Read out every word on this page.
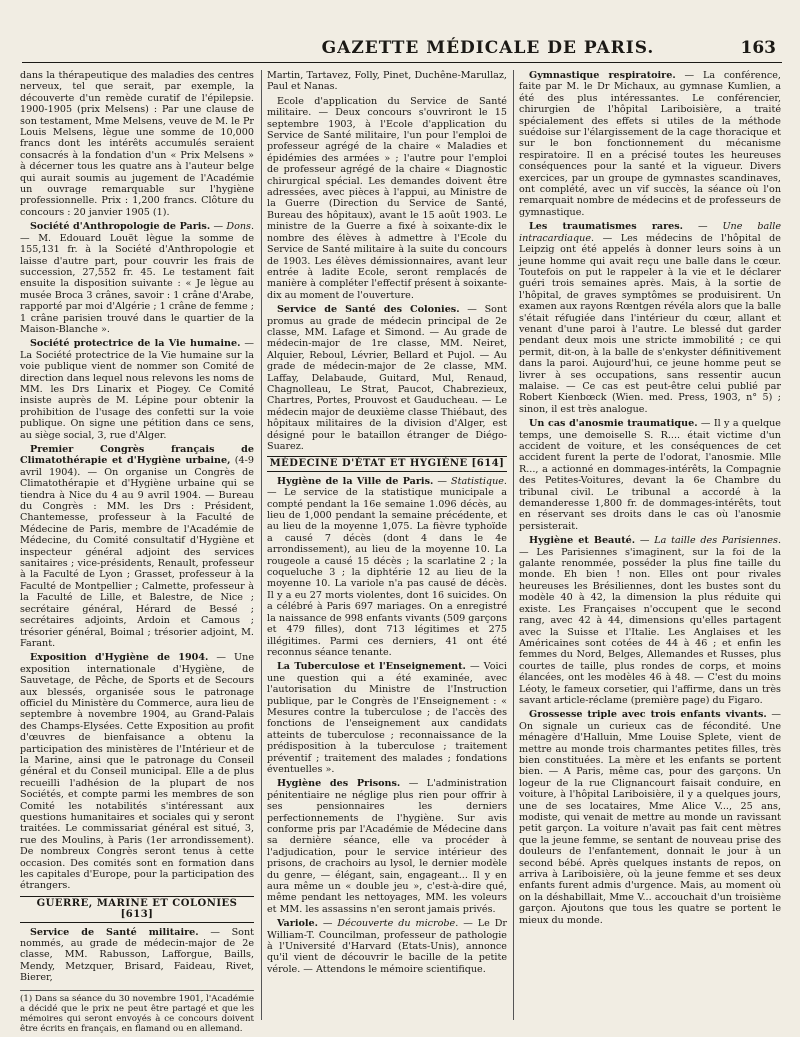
GAZETTE MÉDICALE DE PARIS.	163

dans la thérapeutique des maladies des centres nerveux, tel que serait, par exemple, la découverte d'un remède curatif de l'épilepsie. 1900-1905 (prix Melsens) : Par une clause de son testament, Mme Melsens, veuve de M. le Pr Louis Melsens, lègue une somme de 10,000 francs dont les intérêts accumulés seraient consacrés à la fondation d'un « Prix Melsens » à décerner tous les quatre ans à l'auteur belge qui aurait soumis au jugement de l'Académie un ouvrage remarquable sur l'hygiène professionnelle. Prix : 1,200 francs. Clôture du concours : 20 janvier 1905 (1).

Société d'Anthropologie de Paris. — Dons. — M. Edouard Louët lègue la somme de 155,131 fr. à la Société d'Anthropologie et laisse d'autre part, pour couvrir les frais de succession, 27,552 fr. 45. Le testament fait ensuite la disposition suivante : « Je lègue au musée Broca 3 crânes, savoir : 1 crâne d'Arabe, rapporté par moi d'Algérie ; 1 crâne de femme ; 1 crâne parisien trouvé dans le quartier de la Maison-Blanche ».

Société protectrice de la Vie humaine. — La Société protectrice de la Vie humaine sur la voie publique vient de nommer son Comité de direction dans lequel nous relevons les noms de MM. les Drs Linarix et Piogey. Ce Comité insiste auprès de M. Lépine pour obtenir la prohibition de l'usage des confetti sur la voie publique. On signe une pétition dans ce sens, au siège social, 3, rue d'Alger.

Premier Congrès français de Climatothérapie et d'Hygiène urbaine, (4-9 avril 1904). — On organise un Congrès de Climatothérapie et d'Hygiène urbaine qui se tiendra à Nice du 4 au 9 avril 1904. — Bureau du Congrès : MM. les Drs : Président, Chantemesse, professeur à la Faculté de Médecine de Paris, membre de l'Académie de Médecine, du Comité consultatif d'Hygiène et inspecteur général adjoint des services sanitaires ; vice-présidents, Renault, professeur à la Faculté de Lyon ; Grasset, professeur à la Faculté de Montpellier ; Calmette, professeur à la Faculté de Lille, et Balestre, de Nice ; secrétaire général, Hérard de Bessé ; secrétaires adjoints, Ardoin et Camous ; trésorier général, Boimal ; trésorier adjoint, M. Farant.

Exposition d'Hygiène de 1904. — Une exposition internationale d'Hygiène, de Sauvetage, de Pêche, de Sports et de Secours aux blessés, organisée sous le patronage officiel du Ministère du Commerce, aura lieu de septembre à novembre 1904, au Grand-Palais des Champs-Elysées. Cette Exposition au profit d'œuvres de bienfaisance a obtenu la participation des ministères de l'Intérieur et de la Marine, ainsi que le patronage du Conseil général et du Conseil municipal. Elle a de plus recueilli l'adhésion de la plupart de nos Sociétés, et compte parmi les membres de son Comité les notabilités s'intéressant aux questions humanitaires et sociales qui y seront traitées. Le commissariat général est situé, 3, rue des Moulins, à Paris (1er arrondissement). De nombreux Congrès seront tenus à cette occasion. Des comités sont en formation dans les capitales d'Europe, pour la participation des étrangers.

GUERRE, MARINE ET COLONIES [613]

Service de Santé militaire. — Sont nommés, au grade de médecin-major de 2e classe, MM. Rabusson, Lafforgue, Baills, Mendy, Metzquer, Brisard, Faideau, Rivet, Bierer,

(1) Dans sa séance du 30 novembre 1901, l'Académie a décidé que le prix ne peut être partagé et que les mémoires qui seront envoyés à ce concours doivent être écrits en français, en flamand ou en allemand.

Martin, Tartavez, Folly, Pinet, Duchêne-Marullaz, Paul et Nanas.

Ecole d'application du Service de Santé militaire. — Deux concours s'ouvriront le 15 septembre 1903, à l'Ecole d'application du Service de Santé militaire, l'un pour l'emploi de professeur agrégé de la chaire « Maladies et épidémies des armées » ; l'autre pour l'emploi de professeur agrégé de la chaire « Diagnostic chirurgical spécial. Les demandes doivent être adressées, avec pièces à l'appui, au Ministre de la Guerre (Direction du Service de Santé, Bureau des hôpitaux), avant le 15 août 1903. Le ministre de la Guerre a fixé à soixante-dix le nombre des élèves à admettre à l'Ecole du Service de Santé militaire à la suite du concours de 1903. Les élèves démissionnaires, avant leur entrée à ladite Ecole, seront remplacés de manière à compléter l'effectif présent à soixante-dix au moment de l'ouverture.

Service de Santé des Colonies. — Sont promus au grade de médecin principal de 2e classe, MM. Lafage et Simond. — Au grade de médecin-major de 1re classe, MM. Neiret, Alquier, Reboul, Lévrier, Bellard et Pujol. — Au grade de médecin-major de 2e classe, MM. Laffay, Delabaude, Guitard, Mul, Renaud, Chagnolleau, Le Strat, Paucot, Chabrezieux, Chartres, Portes, Prouvost et Gauducheau. — Le médecin major de deuxième classe Thiébaut, des hôpitaux militaires de la division d'Alger, est désigné pour le bataillon étranger de Diégo-Suarez.

MÉDECINE D'ÉTAT ET HYGIÈNE [614]

Hygiène de la Ville de Paris. — Statistique. — Le service de la statistique municipale a compté pendant la 16e semaine 1.096 décès, au lieu de 1,000 pendant la semaine précédente, et au lieu de la moyenne 1,075. La fièvre typhoïde a causé 7 décès (dont 4 dans le 4e arrondissement), au lieu de la moyenne 10. La rougeole a causé 15 décès ; la scarlatine 2 ; la coqueluche 3 ; la diphtérie 12 au lieu de la moyenne 10. La variole n'a pas causé de décès. Il y a eu 27 morts violentes, dont 16 suicides. On a célébré à Paris 697 mariages. On a enregistré la naissance de 998 enfants vivants (509 garçons et 479 filles), dont 713 légitimes et 275 illégitimes. Parmi ces derniers, 41 ont été reconnus séance tenante.

La Tuberculose et l'Enseignement. — Voici une question qui a été examinée, avec l'autorisation du Ministre de l'Instruction publique, par le Congrès de l'Enseignement : « Mesures contre la tuberculose ; de l'accès des fonctions de l'enseignement aux candidats atteints de tuberculose ; reconnaissance de la prédisposition à la tuberculose ; traitement préventif ; traitement des malades ; fondations éventuelles ».

Hygiène des Prisons. — L'administration pénitentiaire ne néglige plus rien pour offrir à ses pensionnaires les derniers perfectionnements de l'hygiène. Sur avis conforme pris par l'Académie de Médecine dans sa dernière séance, elle va procéder à l'adjudication, pour le service intérieur des prisons, de crachoirs au lysol, le dernier modèle du genre, — élégant, sain, engageant... Il y en aura même un « double jeu », c'est-à-dire qué, même pendant les nettoyages, MM. les voleurs et MM. les assassins n'en seront jamais privés.

Variole. — Découverte du microbe. — Le Dr William-T. Councilman, professeur de pathologie à l'Université d'Harvard (Etats-Unis), annonce qu'il vient de découvrir le bacille de la petite vérole. — Attendons le mémoire scientifique.

Gymnastique respiratoire. — La conférence, faite par M. le Dr Michaux, au gymnase Kumlien, a été des plus intéressantes. Le conférencier, chirurgien de l'hôpital Lariboisière, a traité spécialement des effets si utiles de la méthode suédoise sur l'élargissement de la cage thoracique et sur le bon fonctionnement du mécanisme respiratoire. Il en a précisé toutes les heureuses conséquences pour la santé et la vigueur. Divers exercices, par un groupe de gymnastes scandinaves, ont complété, avec un vif succès, la séance où l'on remarquait nombre de médecins et de professeurs de gymnastique.

Les traumatismes rares. — Une balle intracardiaque. — Les médecins de l'hôpital de Leipzig ont été appelés à donner leurs soins à un jeune homme qui avait reçu une balle dans le cœur. Toutefois on put le rappeler à la vie et le déclarer guéri trois semaines après. Mais, à la sortie de l'hôpital, de graves symptômes se produisirent. Un examen aux rayons Rœntgen révéla alors que la balle s'était réfugiée dans l'intérieur du cœur, allant et venant d'une paroi à l'autre. Le blessé dut garder pendant deux mois une stricte immobilité ; ce qui permit, dit-on, à la balle de s'enkyster définitivement dans la paroi. Aujourd'hui, ce jeune homme peut se livrer à ses occupations, sans ressentir aucun malaise. — Ce cas est peut-être celui publié par Robert Kienbœck (Wien. med. Press, 1903, n° 5) ; sinon, il est très analogue.

Un cas d'anosmie traumatique. — Il y a quelque temps, une demoiselle S. R.... était victime d'un accident de voiture, et les conséquences de cet accident furent la perte de l'odorat, l'anosmie. Mlle R..., a actionné en dommages-intérêts, la Compagnie des Petites-Voitures, devant la 6e Chambre du tribunal civil. Le tribunal a accordé à la demanderesse 1,800 fr. de dommages-intérêts, tout en réservant ses droits dans le cas où l'anosmie persisterait.

Hygiène et Beauté. — La taille des Parisiennes. — Les Parisiennes s'imaginent, sur la foi de la galante renommée, posséder la plus fine taille du monde. Eh bien ! non. Elles ont pour rivales heureuses les Brésiliennes, dont les bustes sont du modèle 40 à 42, la dimension la plus réduite qui existe. Les Françaises n'occupent que le second rang, avec 42 à 44, dimensions qu'elles partagent avec la Suisse et l'Italie. Les Anglaises et les Américaines sont cotées de 44 à 46 ; et enfin les femmes du Nord, Belges, Allemandes et Russes, plus courtes de taille, plus rondes de corps, et moins élancées, ont les modèles 46 à 48. — C'est du moins Léoty, le fameux corsetier, qui l'affirme, dans un très savant article-réclame (première page) du Figaro.

Grossesse triple avec trois enfants vivants. — On signale un curieux cas de fécondité. Une ménagère d'Halluin, Mme Louise Splete, vient de mettre au monde trois charmantes petites filles, très bien constituées. La mère et les enfants se portent bien. — A Paris, même cas, pour des garçons. Un logeur de la rue Clignancourt faisait conduire, en voiture, à l'hôpital Lariboisière, il y a quelques jours, une de ses locataires, Mme Alice V..., 25 ans, modiste, qui venait de mettre au monde un ravissant petit garçon. La voiture n'avait pas fait cent mètres que la jeune femme, se sentant de nouveau prise des douleurs de l'enfantement, donnait le jour à un second bébé. Après quelques instants de repos, on arriva à Lariboisière, où la jeune femme et ses deux enfants furent admis d'urgence. Mais, au moment où on la déshabillait, Mme V... accouchait d'un troisième garçon. Ajoutons que tous les quatre se portent le mieux du monde.
